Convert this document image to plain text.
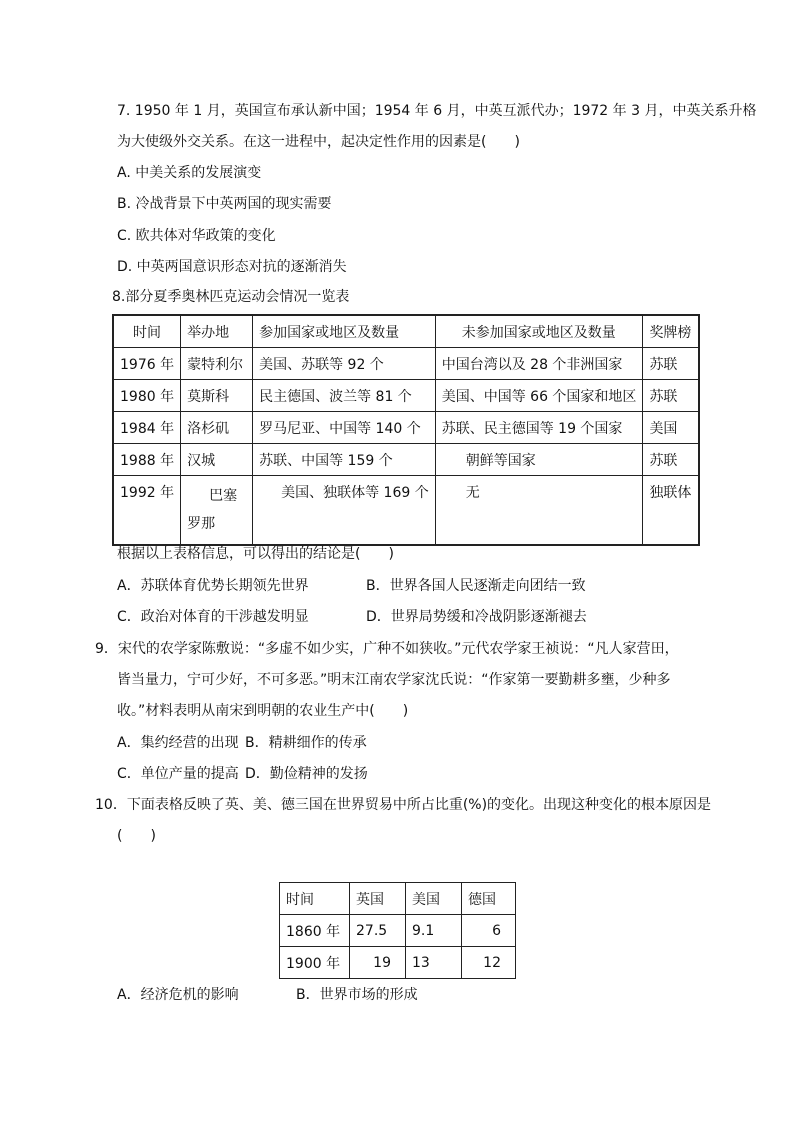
7. 1950 年 1 月，英国宣布承认新中国；1954 年 6 月，中英互派代办；1972 年 3 月，中英关系升格
为大使级外交关系。在这一进程中，起决定性作用的因素是(　　)
A. 中美关系的发展演变
B. 冷战背景下中英两国的现实需要
C. 欧共体对华政策的变化
D. 中英两国意识形态对抗的逐渐消失
8.部分夏季奥林匹克运动会情况一览表
时间	举办地	参加国家或地区及数量	未参加国家或地区及数量	奖牌榜
1976 年	蒙特利尔	美国、苏联等 92 个	中国台湾以及 28 个非洲国家	苏联
1980 年	莫斯科	民主德国、波兰等 81 个	美国、中国等 66 个国家和地区	苏联
1984 年	洛杉矶	罗马尼亚、中国等 140 个	苏联、民主德国等 19 个国家	美国
1988 年	汉城	苏联、中国等 159 个	朝鲜等国家	苏联
1992 年	巴塞罗那	美国、独联体等 169 个	无	独联体
根据以上表格信息，可以得出的结论是(　　)
A．苏联体育优势长期领先世界	B．世界各国人民逐渐走向团结一致
C．政治对体育的干涉越发明显	D．世界局势缓和冷战阴影逐渐褪去
9．宋代的农学家陈敷说：“多虚不如少实，广种不如狭收。”元代农学家王祯说：“凡人家营田，
皆当量力，宁可少好，不可多恶。”明末江南农学家沈氏说：“作家第一要勤耕多壅，少种多
收。”材料表明从南宋到明朝的农业生产中(　　)
A．集约经营的出现 B．精耕细作的传承
C．单位产量的提高 D．勤俭精神的发扬
10．下面表格反映了英、美、德三国在世界贸易中所占比重(%)的变化。出现这种变化的根本原因是
(　　)
时间	英国	美国	德国
1860 年	27.5	9.1	6
1900 年	19	13	12
A．经济危机的影响	B．世界市场的形成
